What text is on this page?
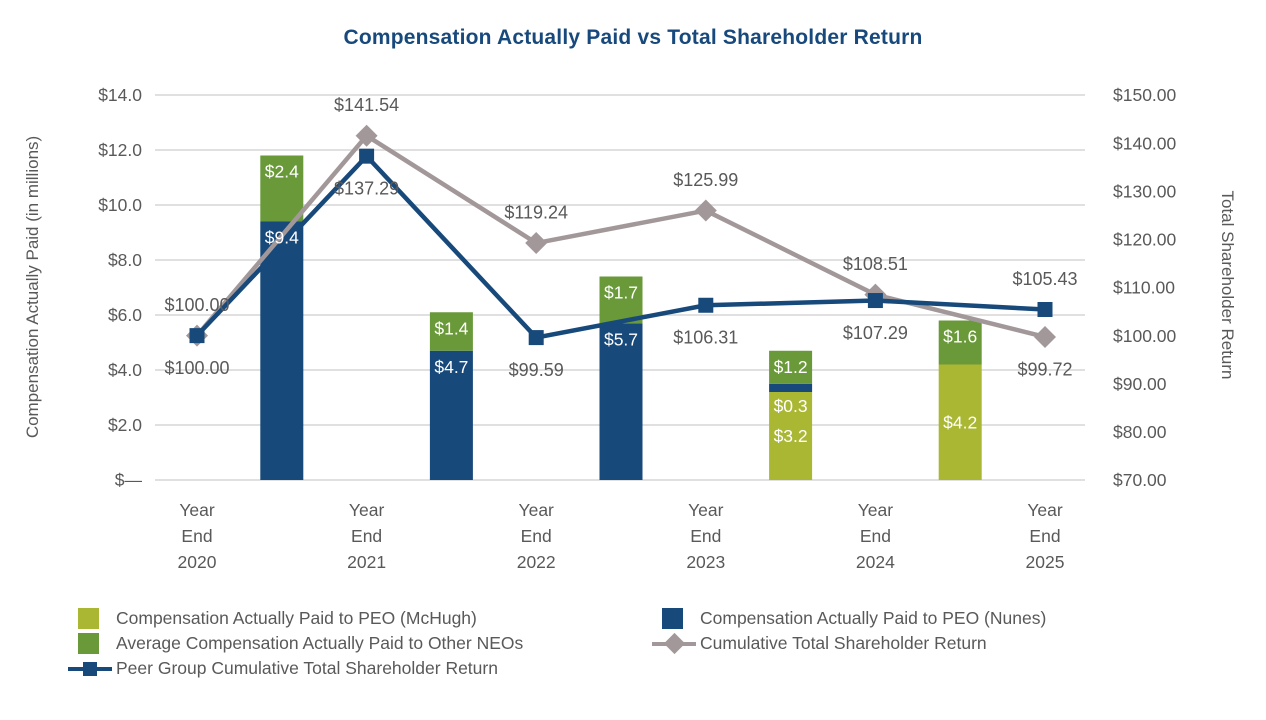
$14.0
$12.0
$10.0
$8.0
$6.0
$4.0
$2.0
$—
$150.00
$140.00
$130.00
$120.00
$110.00
$100.00
$90.00
$80.00
$70.00
Compensation Actually Paid (in millions)	Total Shareholder Return
Year
End
2020
Year
End
2021
Year
End
2022
Year
End
2023
Year
End
2024
Year
End
2025
$9.4
$2.4
$4.7
$1.4
$5.7
$1.7
$3.2
$0.3
$1.2
$4.2
$1.6
$100.00
$141.54
$119.24
$125.99
$108.51
$99.72
$100.00
$137.29
$99.59
$106.31	$107.29
$105.43
Compensation Actually Paid vs Total Shareholder Return
Compensation Actually Paid to PEO (McHugh)
Average Compensation Actually Paid to Other NEOs
Peer Group Cumulative Total Shareholder Return
Compensation Actually Paid to PEO (Nunes)
Cumulative Total Shareholder Return
